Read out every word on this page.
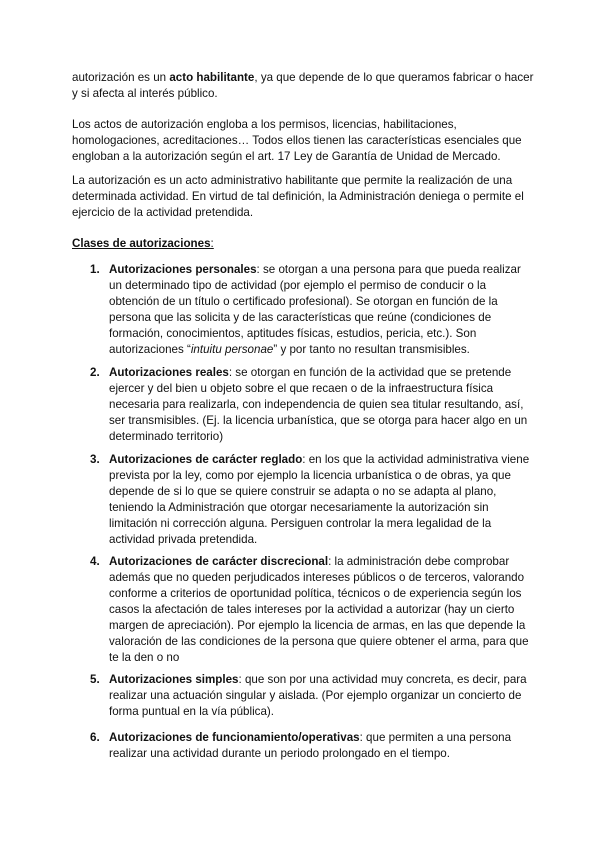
autorización es un acto habilitante, ya que depende de lo que queramos fabricar o hacer y si afecta al interés público.

Los actos de autorización engloba a los permisos, licencias, habilitaciones, homologaciones, acreditaciones… Todos ellos tienen las características esenciales que engloban a la autorización según el art. 17 Ley de Garantía de Unidad de Mercado.

La autorización es un acto administrativo habilitante que permite la realización de una determinada actividad. En virtud de tal definición, la Administración deniega o permite el ejercicio de la actividad pretendida.

Clases de autorizaciones:

1. Autorizaciones personales: se otorgan a una persona para que pueda realizar un determinado tipo de actividad (por ejemplo el permiso de conducir o la obtención de un título o certificado profesional). Se otorgan en función de la persona que las solicita y de las características que reúne (condiciones de formación, conocimientos, aptitudes físicas, estudios, pericia, etc.). Son autorizaciones “intuitu personae” y por tanto no resultan transmisibles.
2. Autorizaciones reales: se otorgan en función de la actividad que se pretende ejercer y del bien u objeto sobre el que recaen o de la infraestructura física necesaria para realizarla, con independencia de quien sea titular resultando, así, ser transmisibles. (Ej. la licencia urbanística, que se otorga para hacer algo en un determinado territorio)
3. Autorizaciones de carácter reglado: en los que la actividad administrativa viene prevista por la ley, como por ejemplo la licencia urbanística o de obras, ya que depende de si lo que se quiere construir se adapta o no se adapta al plano, teniendo la Administración que otorgar necesariamente la autorización sin limitación ni corrección alguna. Persiguen controlar la mera legalidad de la actividad privada pretendida.
4. Autorizaciones de carácter discrecional: la administración debe comprobar además que no queden perjudicados intereses públicos o de terceros, valorando conforme a criterios de oportunidad política, técnicos o de experiencia según los casos la afectación de tales intereses por la actividad a autorizar (hay un cierto margen de apreciación). Por ejemplo la licencia de armas, en las que depende la valoración de las condiciones de la persona que quiere obtener el arma, para que te la den o no
5. Autorizaciones simples: que son por una actividad muy concreta, es decir, para realizar una actuación singular y aislada. (Por ejemplo organizar un concierto de forma puntual en la vía pública).
6. Autorizaciones de funcionamiento/operativas: que permiten a una persona realizar una actividad durante un periodo prolongado en el tiempo.
